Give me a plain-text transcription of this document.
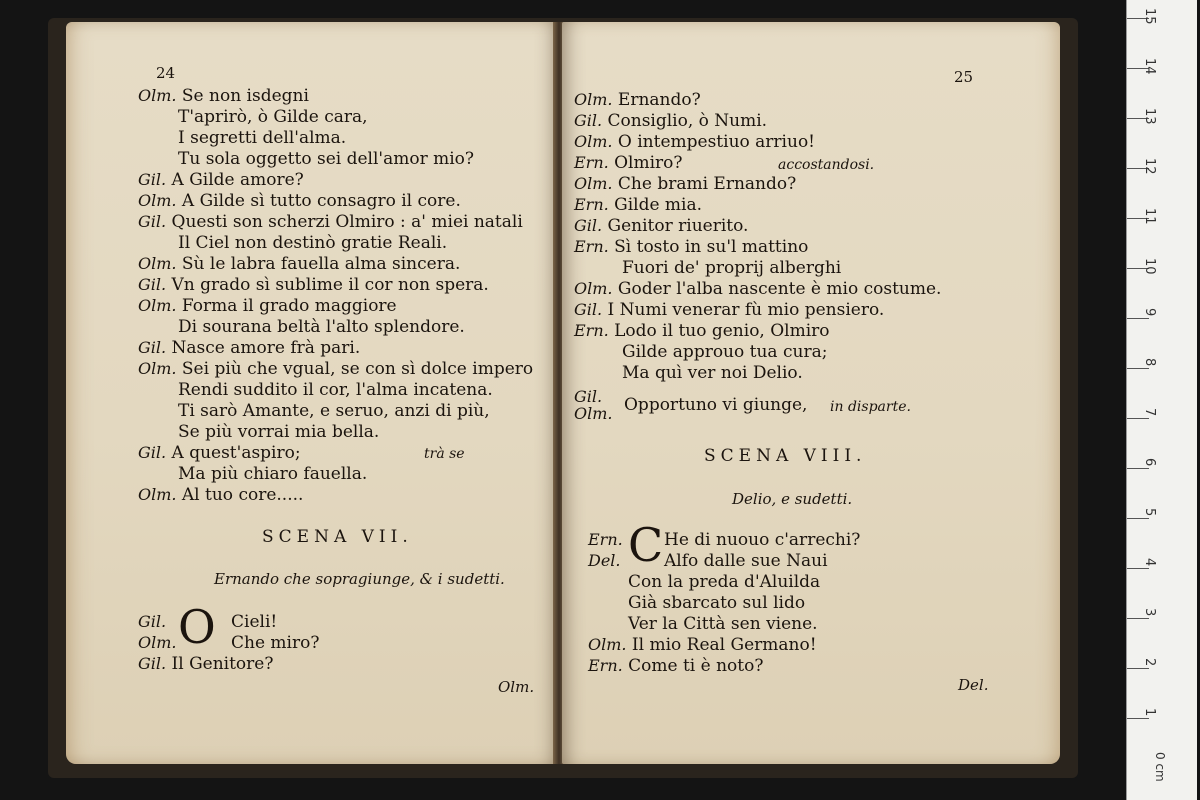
24
Olm. Se non isdegni
T'aprirò, ò Gilde cara,
I segretti dell'alma.
Tu sola oggetto sei dell'amor mio?
Gil. A Gilde amore?
Olm. A Gilde sì tutto consagro il core.
Gil. Questi son scherzi Olmiro : a' miei natali
Il Ciel non destinò gratie Reali.
Olm. Sù le labra fauella alma sincera.
Gil. Vn grado sì sublime il cor non spera.
Olm. Forma il grado maggiore
Di sourana beltà l'alto splendore.
Gil. Nasce amore frà pari.
Olm. Sei più che vgual, se con sì dolce impero
Rendi suddito il cor, l'alma incatena.
Ti sarò Amante, e seruo, anzi di più,
Se più vorrai mia bella.
Gil. A quest'aspiro;	trà se
Ma più chiaro fauella.
Olm. Al tuo core.....
SCENA VII.
Ernando che sopragiunge, & i sudetti.
O
Gil.	Cieli!
Olm.	Che miro?
Gil. Il Genitore?
Olm.
25
Olm. Ernando?
Gil. Consiglio, ò Numi.
Olm. O intempestiuo arriuo!
Ern. Olmiro?	accostandosi.
Olm. Che brami Ernando?
Ern. Gilde mia.
Gil. Genitor riuerito.
Ern. Sì tosto in su'l mattino
Fuori de' proprij alberghi
Olm. Goder l'alba nascente è mio costume.
Gil. I Numi venerar fù mio pensiero.
Ern. Lodo il tuo genio, Olmiro
Gilde approuo tua cura;
Ma quì ver noi Delio.
Gil. Olm. Opportuno vi giunge, in disparte.
SCENA VIII.
Delio, e sudetti.
C
Ern. He di nuouo c'arrechi?
Del.	Alfo dalle sue Naui
Con la preda d'Aluilda
Già sbarcato sul lido
Ver la Città sen viene.
Olm. Il mio Real Germano!
Ern. Come ti è noto?
Del.
15
14
13
12
11
10
9
8
7
6
5
4
3
2
1
0 cm
